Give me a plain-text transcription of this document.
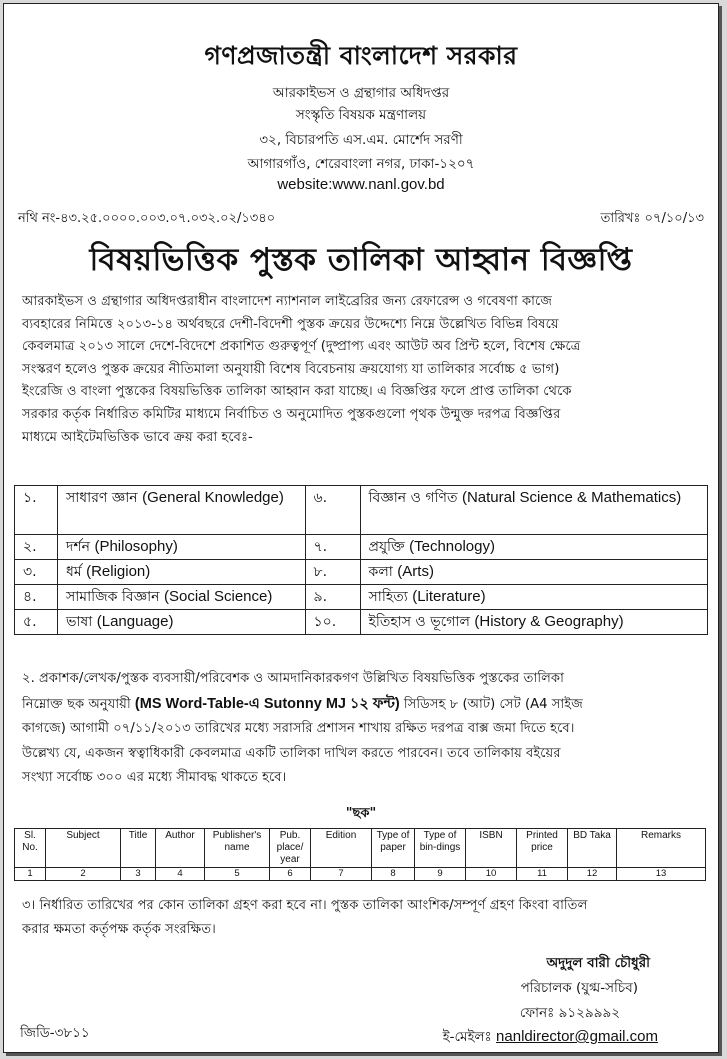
গণপ্রজাতন্ত্রী বাংলাদেশ সরকার
আরকাইভস ও গ্রন্থাগার অধিদপ্তর
সংস্কৃতি বিষয়ক মন্ত্রণালয়
৩২, বিচারপতি এস.এম. মোর্শেদ সরণী
আগারগাঁও, শেরেবাংলা নগর, ঢাকা-১২০৭
website:www.nanl.gov.bd
নথি নং-৪৩.২৫.০০০০.০০৩.০৭.০৩২.০২/১৩৪০	তারিখঃ ০৭/১০/১৩
বিষয়ভিত্তিক পুস্তক তালিকা আহ্বান বিজ্ঞপ্তি
আরকাইভস ও গ্রন্থাগার অধিদপ্তরাধীন বাংলাদেশ ন্যাশনাল লাইব্রেরির জন্য রেফারেন্স ও গবেষণা কাজে
ব্যবহারের নিমিত্তে ২০১৩-১৪ অর্থবছরে দেশী-বিদেশী পুস্তক ক্রয়ের উদ্দেশ্যে নিম্নে উল্লেখিত বিভিন্ন বিষয়ে
কেবলমাত্র ২০১৩ সালে দেশে-বিদেশে প্রকাশিত গুরুত্বপূর্ণ (দুষ্প্রাপ্য এবং আউট অব প্রিন্ট হলে, বিশেষ ক্ষেত্রে
সংস্করণ হলেও পুস্তক ক্রয়ের নীতিমালা অনুযায়ী বিশেষ বিবেচনায় ক্রয়যোগ্য যা তালিকার সর্বোচ্চ ৫ ভাগ)
ইংরেজি ও বাংলা পুস্তকের বিষয়ভিত্তিক তালিকা আহ্বান করা যাচ্ছে। এ বিজ্ঞপ্তির ফলে প্রাপ্ত তালিকা থেকে
সরকার কর্তৃক নির্ধারিত কমিটির মাধ্যমে নির্বাচিত ও অনুমোদিত পুস্তকগুলো পৃথক উন্মুক্ত দরপত্র বিজ্ঞপ্তির
মাধ্যমে আইটেমভিত্তিক ভাবে ক্রয় করা হবেঃ-
১.	সাধারণ জ্ঞান (General Knowledge)	৬.	বিজ্ঞান ও গণিত (Natural Science & Mathematics)
২.	দর্শন (Philosophy)	৭.	প্রযুক্তি (Technology)
৩.	ধর্ম (Religion)	৮.	কলা (Arts)
৪.	সামাজিক বিজ্ঞান (Social Science)	৯.	সাহিত্য (Literature)
৫.	ভাষা (Language)	১০.	ইতিহাস ও ভূগোল (History & Geography)
২. প্রকাশক/লেখক/পুস্তক ব্যবসায়ী/পরিবেশক ও আমদানিকারকগণ উল্লিখিত বিষয়ভিত্তিক পুস্তকের তালিকা
নিম্নোক্ত ছক অনুযায়ী (MS Word-Table-এ Sutonny MJ ১২ ফন্ট) সিডিসহ ৮ (আট) সেট (A4 সাইজ
কাগজে) আগামী ০৭/১১/২০১৩ তারিখের মধ্যে সরাসরি প্রশাসন শাখায় রক্ষিত দরপত্র বাক্স জমা দিতে হবে।
উল্লেখ্য যে, একজন স্বত্বাধিকারী কেবলমাত্র একটি তালিকা দাখিল করতে পারবেন। তবে তালিকায় বইয়ের
সংখ্যা সর্বোচ্চ ৩০০ এর মধ্যে সীমাবদ্ধ থাকতে হবে।
"ছক"
Sl. No.	Subject	Title	Author	Publisher's name	Pub. place/ year	Edition	Type of paper	Type of bin-dings	ISBN	Printed price	BD Taka	Remarks
1	2	3	4	5	6	7	8	9	10	11	12	13
৩। নির্ধারিত তারিখের পর কোন তালিকা গ্রহণ করা হবে না। পুস্তক তালিকা আংশিক/সম্পূর্ণ গ্রহণ কিংবা বাতিল
করার ক্ষমতা কর্তৃপক্ষ কর্তৃক সংরক্ষিত।
অদুদুল বারী চৌধুরী
পরিচালক (যুগ্ম-সচিব)
ফোনঃ ৯১২৯৯৯২
ই-মেইলঃ nanldirector@gmail.com
জিডি-৩৮১১
